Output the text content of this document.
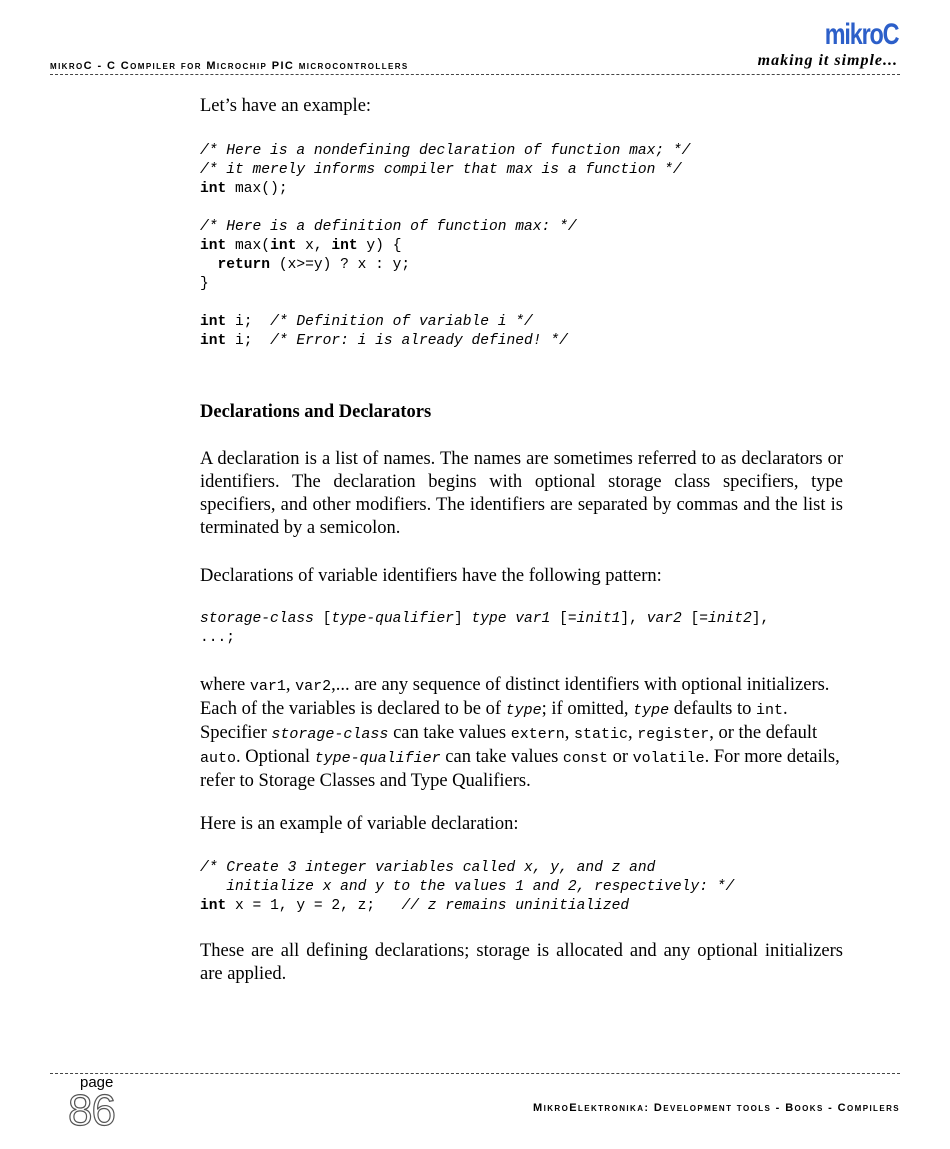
mikroC
making it simple...
mikroC - C Compiler for Microchip PIC microcontrollers
Let’s have an example:
/* Here is a nondefining declaration of function max; */
/* it merely informs compiler that max is a function */
int max();

/* Here is a definition of function max: */
int max(int x, int y) {
return (x>=y) ? x : y;
}

int i;  /* Definition of variable i */
int i;  /* Error: i is already defined! */
Declarations and Declarators
A declaration is a list of names. The names are sometimes referred to as declarators or identifiers. The declaration begins with optional storage class specifiers, type specifiers, and other modifiers. The identifiers are separated by commas and the list is terminated by a semicolon.
Declarations of variable identifiers have the following pattern:
storage-class [type-qualifier] type var1 [=init1], var2 [=init2],
...;
where var1, var2,... are any sequence of distinct identifiers with optional initializers. Each of the variables is declared to be of type; if omitted, type defaults to int. Specifier storage-class can take values extern, static, register, or the default auto. Optional type-qualifier can take values const or volatile. For more details, refer to Storage Classes and Type Qualifiers.
Here is an example of variable declaration:
/* Create 3 integer variables called x, y, and z and
initialize x and y to the values 1 and 2, respectively: */
int x = 1, y = 2, z;   // z remains uninitialized
These are all defining declarations; storage is allocated and any optional initializers are applied.
page
86	MikroElektronika: Development tools - Books - Compilers
